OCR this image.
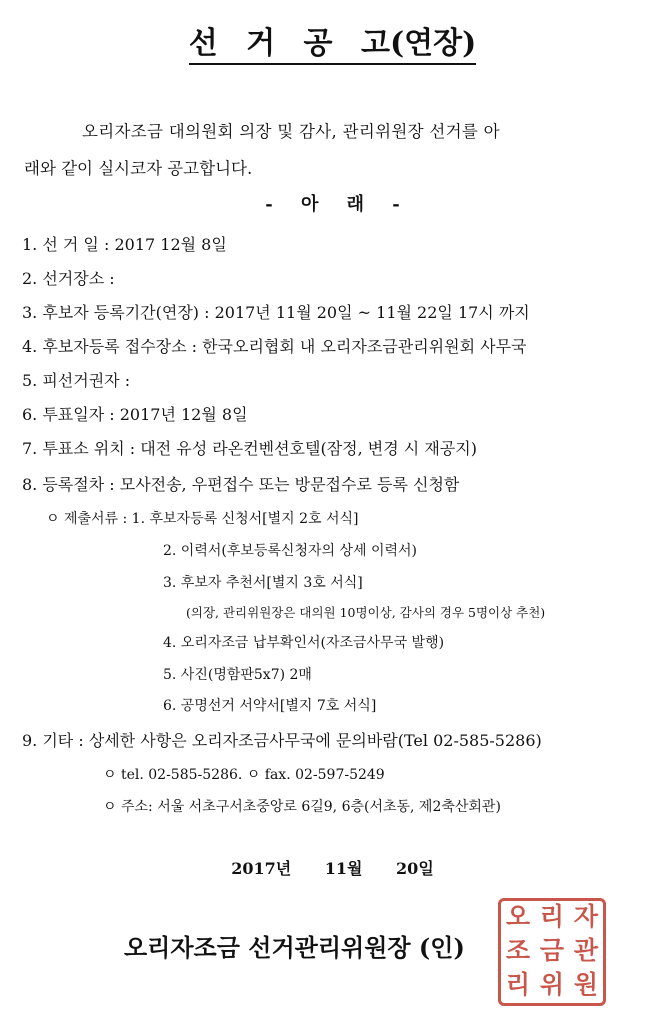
선 거 공 고(연장)
오리자조금 대의원회 의장 및 감사, 관리위원장 선거를 아
래와 같이 실시코자 공고합니다.
- 아 래 -
1. 선 거 일 : 2017 12월 8일
2. 선거장소 :
3. 후보자 등록기간(연장) : 2017년 11월 20일 ~ 11월 22일 17시 까지
4. 후보자등록 접수장소 : 한국오리협회 내 오리자조금관리위원회 사무국
5. 피선거권자 :
6. 투표일자 : 2017년 12월 8일
7. 투표소 위치 : 대전 유성 라온컨벤션호텔(잠정, 변경 시 재공지)
8. 등록절차 : 모사전송, 우편접수 또는 방문접수로 등록 신청함
ㅇ 제출서류 : 1. 후보자등록 신청서[별지 2호 서식]
2. 이력서(후보등록신청자의 상세 이력서)
3. 후보자 추천서[별지 3호 서식]
(의장, 관리위원장은 대의원 10명이상, 감사의 경우 5명이상 추천)
4. 오리자조금 납부확인서(자조금사무국 발행)
5. 사진(명함판5x7) 2매
6. 공명선거 서약서[별지 7호 서식]
9. 기타 : 상세한 사항은 오리자조금사무국에 문의바람(Tel 02-585-5286)
ㅇ tel. 02-585-5286. ㅇ fax. 02-597-5249
ㅇ 주소: 서울 서초구서초중앙로 6길9, 6층(서초동, 제2축산회관)
2017년 11월 20일
오리자조금 선거관리위원장 (인)
오 리 자
조 금 관
리 위 원
